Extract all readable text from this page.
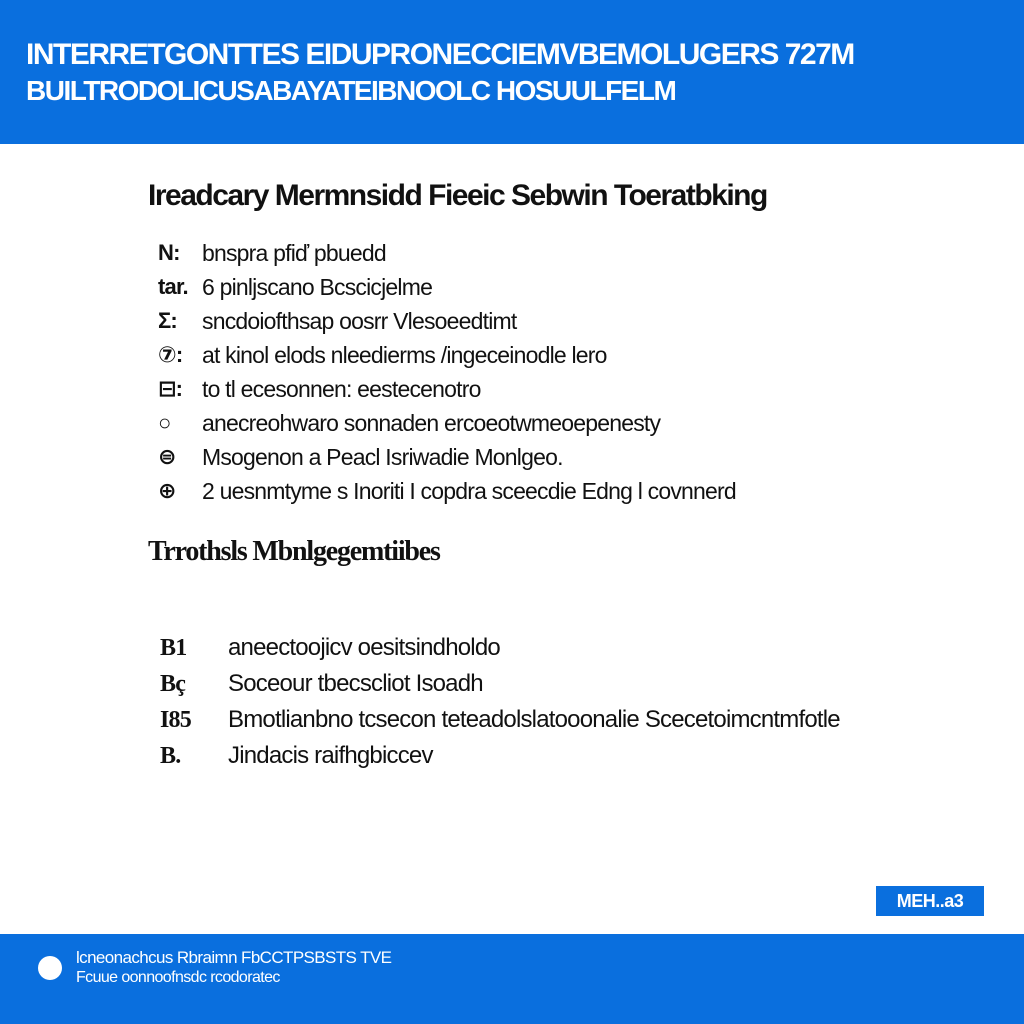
INTERRETGONTTES EIDUPRONECCIEMVBEMOLUGERS 727M
BUILTRODOLICUSABAYATEIBNOOLC HOSUULFELM
Ireadcary Mermnsidd Fieeic Sebwin Toeratbking
N: bnspra pfiď pbuedd
tar. 6 pinljscano Bcscicjelme
Σ:	sncdoiofthsap oosrr Vlesoeedtimt
⑦: at kinol elods nleedierms /ingeceinodle lero
⊟: to tl ecesonnen: eestecenotro
○	anecreohwaro sonnaden ercoeotwmeoepenesty
⊜	Msogenon a Peacl Isriwadie Monlgeo.
⊕	2 uesnmtyme s Inoriti I copdra sceecdie Edng l covnnerd
Trrothsls Mbnlgegemtiibes
B1	aneectoojicv oesitsindholdo
Bç	Soceour tbecscliot Isoadh
I85	Bmotlianbno tcsecon teteadolslatooonalie Scecetoimcntmfotle
B.	Jindacis raifhgbiccev
MEH..a3
lcneonachcus Rbraimn FbCCTPSBSTS TVE
Fcuue oonnoofnsdc rcodoratec
